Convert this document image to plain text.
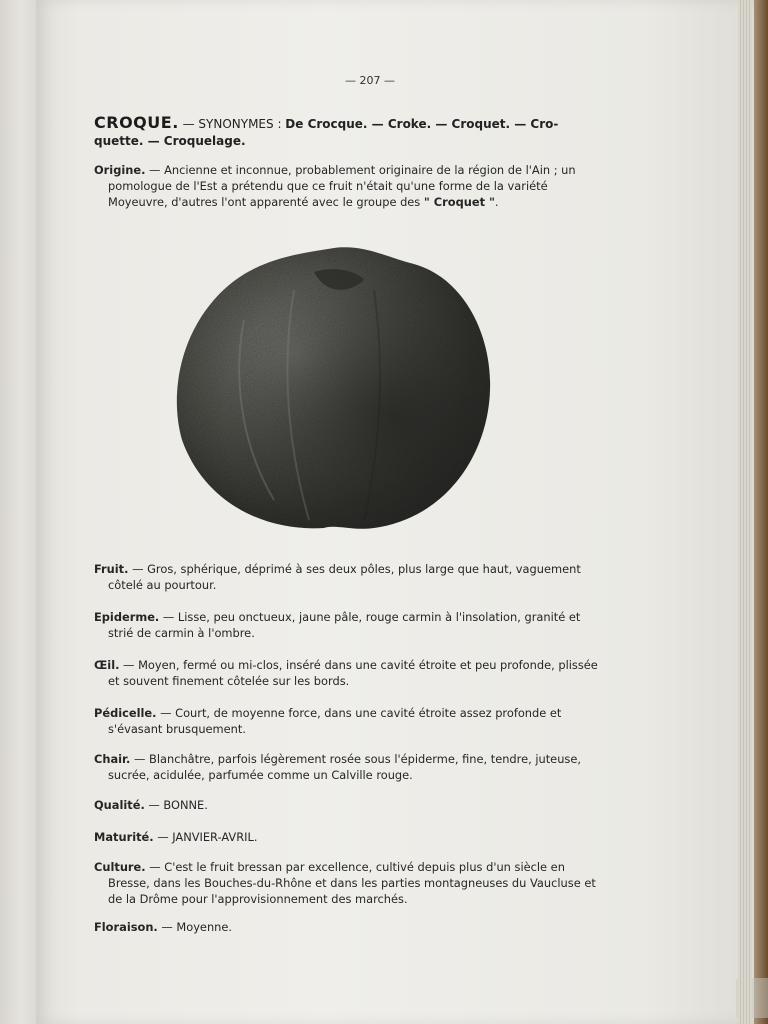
— 207 —
CROQUE. — SYNONYMES : De Crocque. — Croke. — Croquet. — Cro-quette. — Croquelage.
Origine. — Ancienne et inconnue, probablement originaire de la région de l'Ain ; un pomologue de l'Est a prétendu que ce fruit n'était qu'une forme de la variété Moyeuvre, d'autres l'ont apparenté avec le groupe des " Croquet ".
Fruit. — Gros, sphérique, déprimé à ses deux pôles, plus large que haut, vaguement côtelé au pourtour.
Epiderme. — Lisse, peu onctueux, jaune pâle, rouge carmin à l'insolation, granité et strié de carmin à l'ombre.
Œil. — Moyen, fermé ou mi-clos, inséré dans une cavité étroite et peu profonde, plissée et souvent finement côtelée sur les bords.
Pédicelle. — Court, de moyenne force, dans une cavité étroite assez profonde et s'évasant brusquement.
Chair. — Blanchâtre, parfois légèrement rosée sous l'épiderme, fine, tendre, juteuse, sucrée, acidulée, parfumée comme un Calville rouge.
Qualité. — BONNE.
Maturité. — JANVIER-AVRIL.
Culture. — C'est le fruit bressan par excellence, cultivé depuis plus d'un siècle en Bresse, dans les Bouches-du-Rhône et dans les parties montagneuses du Vaucluse et de la Drôme pour l'approvisionnement des marchés.
Floraison. — Moyenne.
